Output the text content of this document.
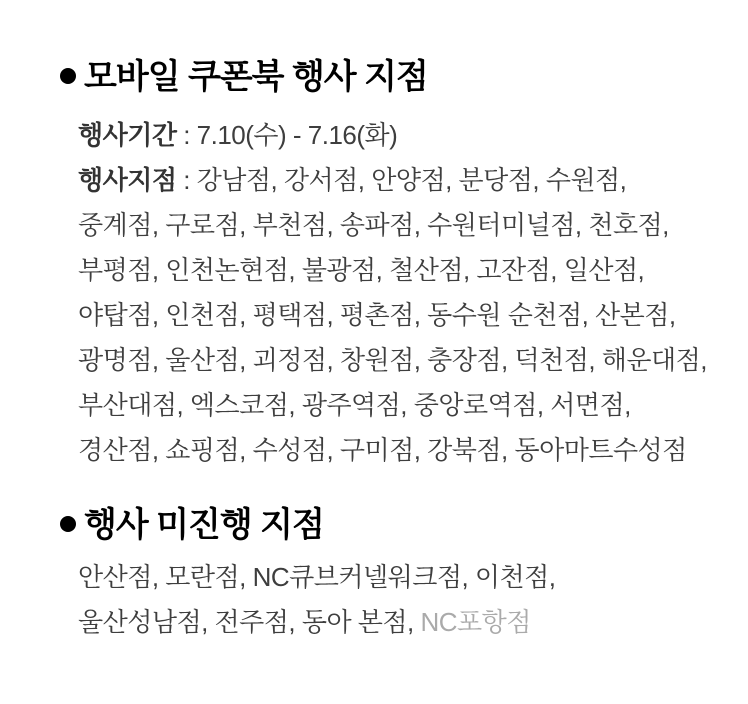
모바일 쿠폰북 행사 지점
행사기간 : 7.10(수) - 7.16(화)
행사지점 : 강남점, 강서점, 안양점, 분당점, 수원점,
중계점, 구로점, 부천점, 송파점, 수원터미널점, 천호점,
부평점, 인천논현점, 불광점, 철산점, 고잔점, 일산점,
야탑점, 인천점, 평택점, 평촌점, 동수원 순천점, 산본점,
광명점, 울산점, 괴정점, 창원점, 충장점, 덕천점, 해운대점,
부산대점, 엑스코점, 광주역점, 중앙로역점, 서면점,
경산점, 쇼핑점, 수성점, 구미점, 강북점, 동아마트수성점
행사 미진행 지점
안산점, 모란점, NC큐브커넬워크점, 이천점,
울산성남점, 전주점, 동아 본점, NC포항점
